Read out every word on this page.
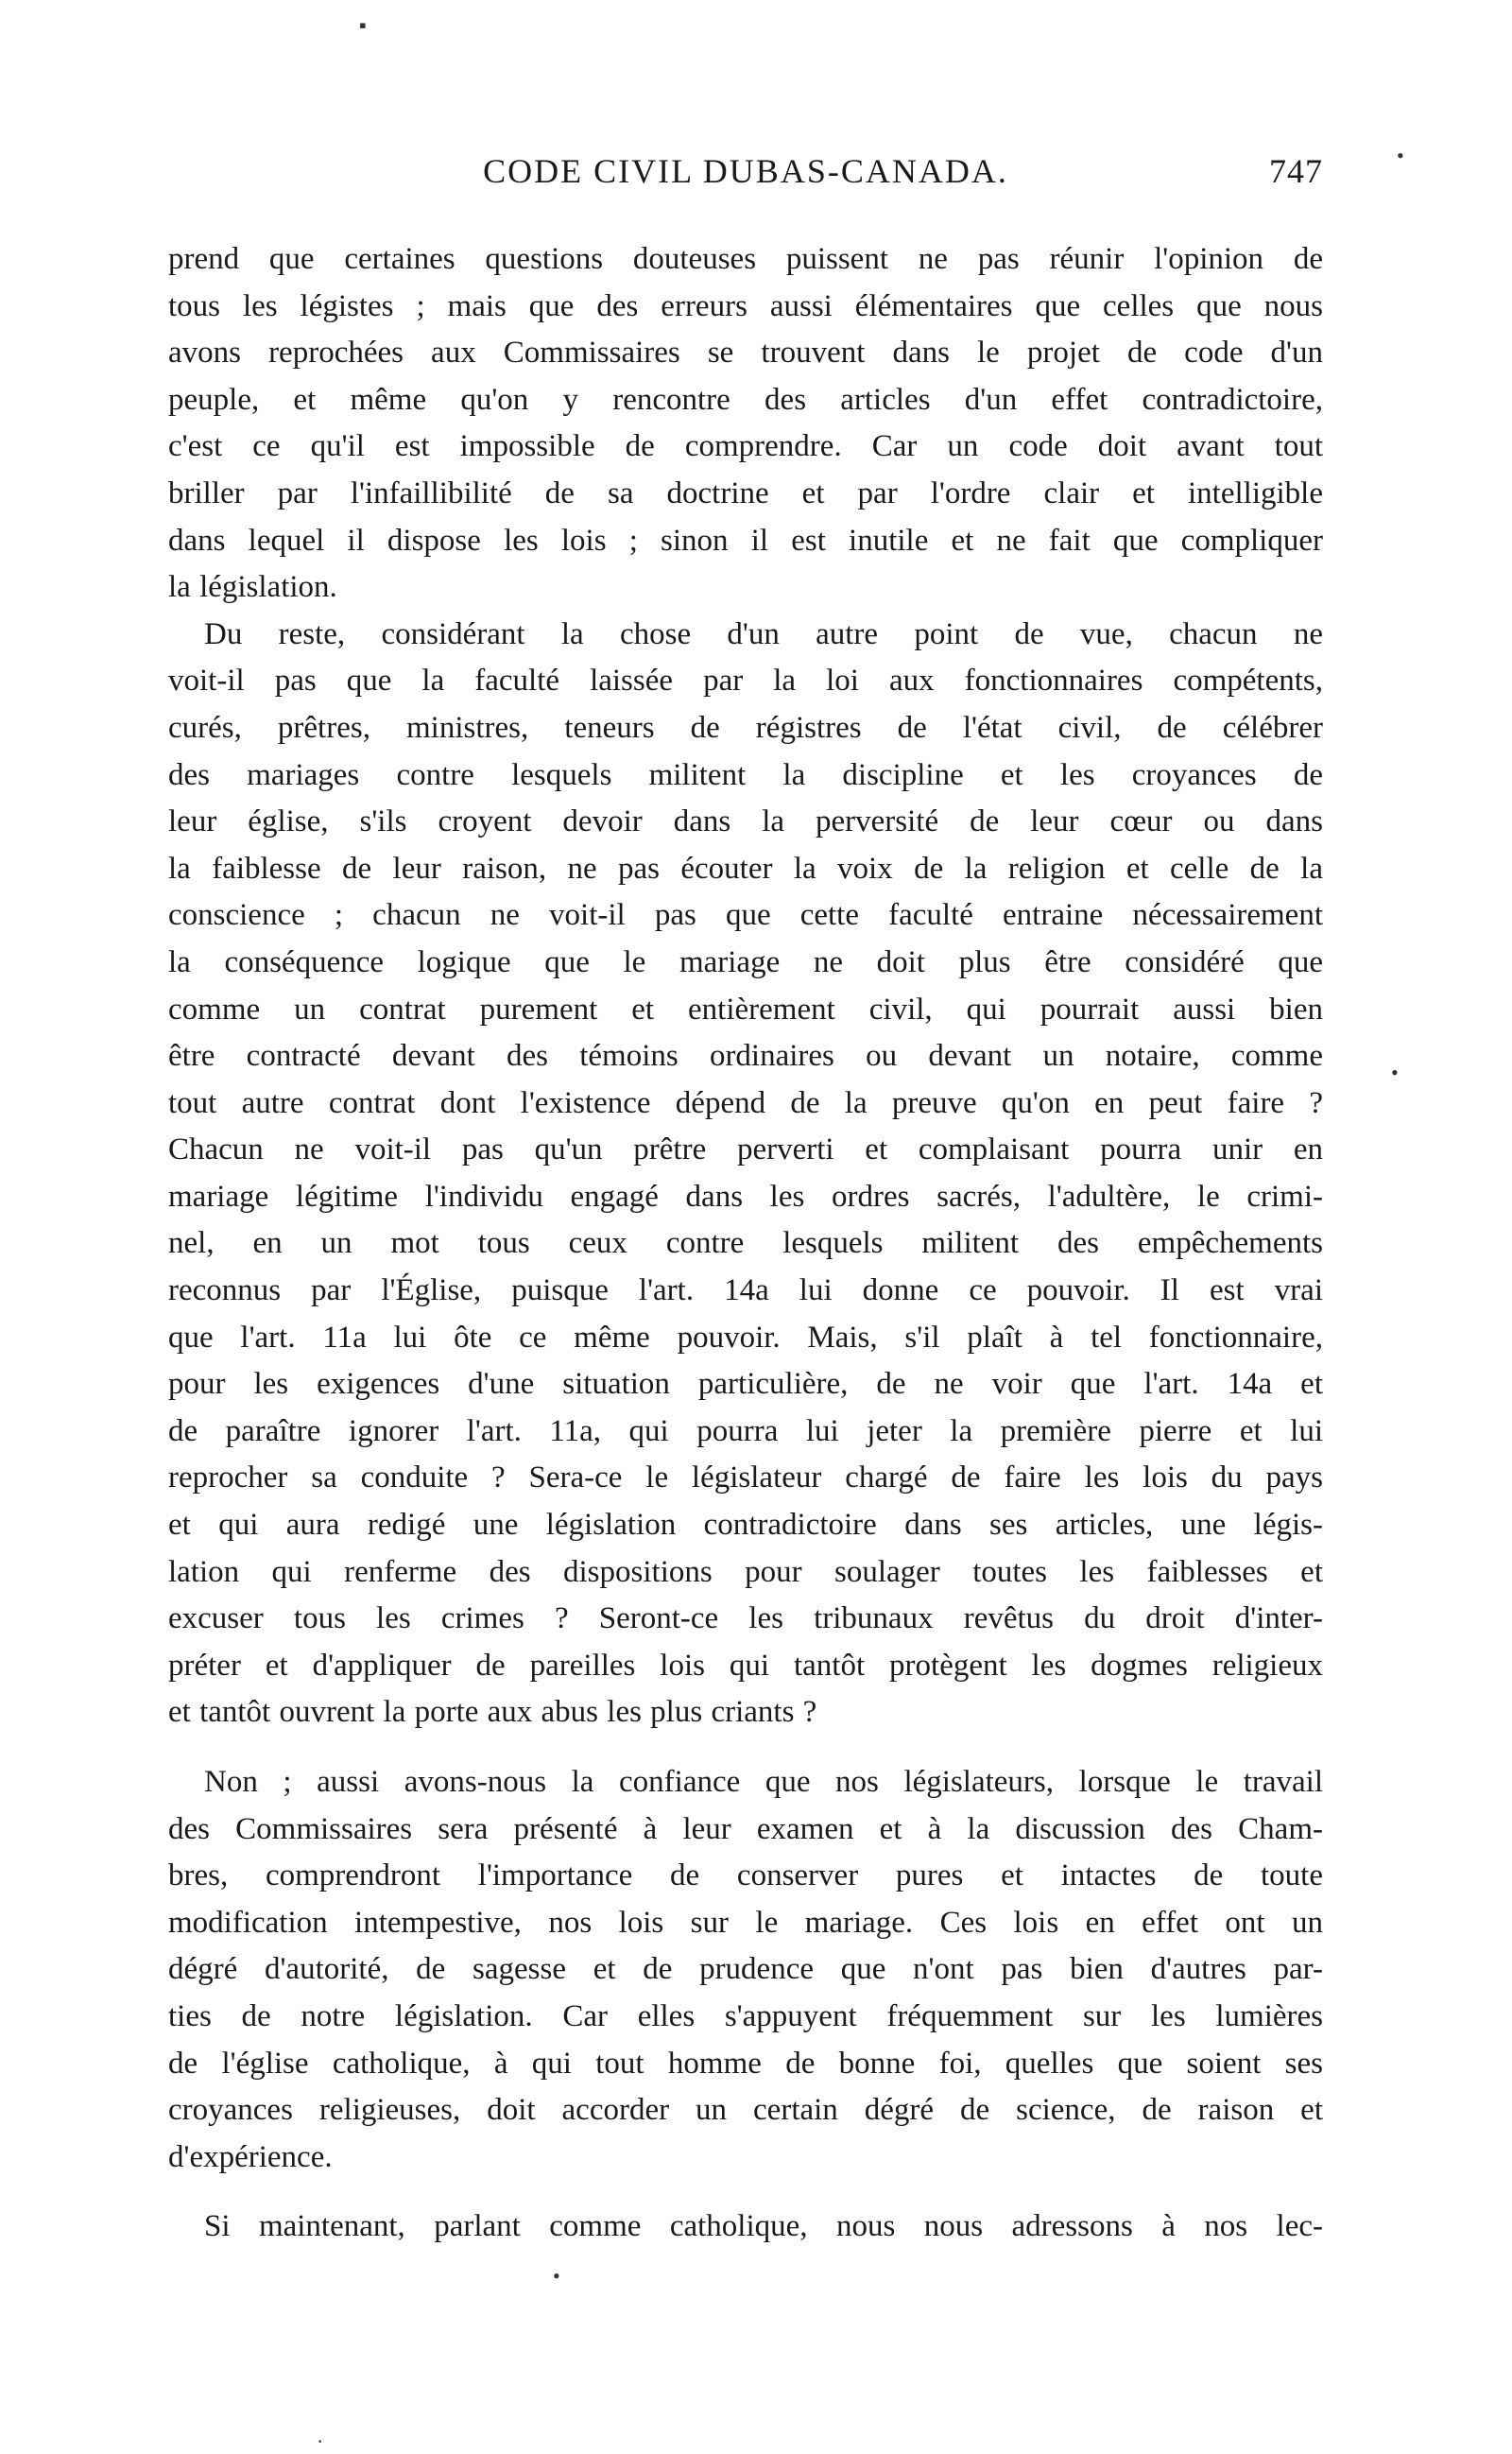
CODE CIVIL DUBAS-CANADA.	747
prend que certaines questions douteuses puissent ne pas réunir l'opinion de
tous les légistes ; mais que des erreurs aussi élémentaires que celles que nous
avons reprochées aux Commissaires se trouvent dans le projet de code d'un
peuple, et même qu'on y rencontre des articles d'un effet contradictoire,
c'est ce qu'il est impossible de comprendre. Car un code doit avant tout
briller par l'infaillibilité de sa doctrine et par l'ordre clair et intelligible
dans lequel il dispose les lois ; sinon il est inutile et ne fait que compliquer
la législation.
Du reste, considérant la chose d'un autre point de vue, chacun ne
voit-il pas que la faculté laissée par la loi aux fonctionnaires compétents,
curés, prêtres, ministres, teneurs de régistres de l'état civil, de célébrer
des mariages contre lesquels militent la discipline et les croyances de
leur église, s'ils croyent devoir dans la perversité de leur cœur ou dans
la faiblesse de leur raison, ne pas écouter la voix de la religion et celle de la
conscience ; chacun ne voit-il pas que cette faculté entraine nécessairement
la conséquence logique que le mariage ne doit plus être considéré que
comme un contrat purement et entièrement civil, qui pourrait aussi bien
être contracté devant des témoins ordinaires ou devant un notaire, comme
tout autre contrat dont l'existence dépend de la preuve qu'on en peut faire ?
Chacun ne voit-il pas qu'un prêtre perverti et complaisant pourra unir en
mariage légitime l'individu engagé dans les ordres sacrés, l'adultère, le crimi-
nel, en un mot tous ceux contre lesquels militent des empêchements
reconnus par l'Église, puisque l'art. 14a lui donne ce pouvoir. Il est vrai
que l'art. 11a lui ôte ce même pouvoir. Mais, s'il plaît à tel fonctionnaire,
pour les exigences d'une situation particulière, de ne voir que l'art. 14a et
de paraître ignorer l'art. 11a, qui pourra lui jeter la première pierre et lui
reprocher sa conduite ? Sera-ce le législateur chargé de faire les lois du pays
et qui aura redigé une législation contradictoire dans ses articles, une légis-
lation qui renferme des dispositions pour soulager toutes les faiblesses et
excuser tous les crimes ? Seront-ce les tribunaux revêtus du droit d'inter-
préter et d'appliquer de pareilles lois qui tantôt protègent les dogmes religieux
et tantôt ouvrent la porte aux abus les plus criants ?
Non ; aussi avons-nous la confiance que nos législateurs, lorsque le travail
des Commissaires sera présenté à leur examen et à la discussion des Cham-
bres, comprendront l'importance de conserver pures et intactes de toute
modification intempestive, nos lois sur le mariage. Ces lois en effet ont un
dégré d'autorité, de sagesse et de prudence que n'ont pas bien d'autres par-
ties de notre législation. Car elles s'appuyent fréquemment sur les lumières
de l'église catholique, à qui tout homme de bonne foi, quelles que soient ses
croyances religieuses, doit accorder un certain dégré de science, de raison et
d'expérience.
Si maintenant, parlant comme catholique, nous nous adressons à nos lec-
▪
•
•
•
·
